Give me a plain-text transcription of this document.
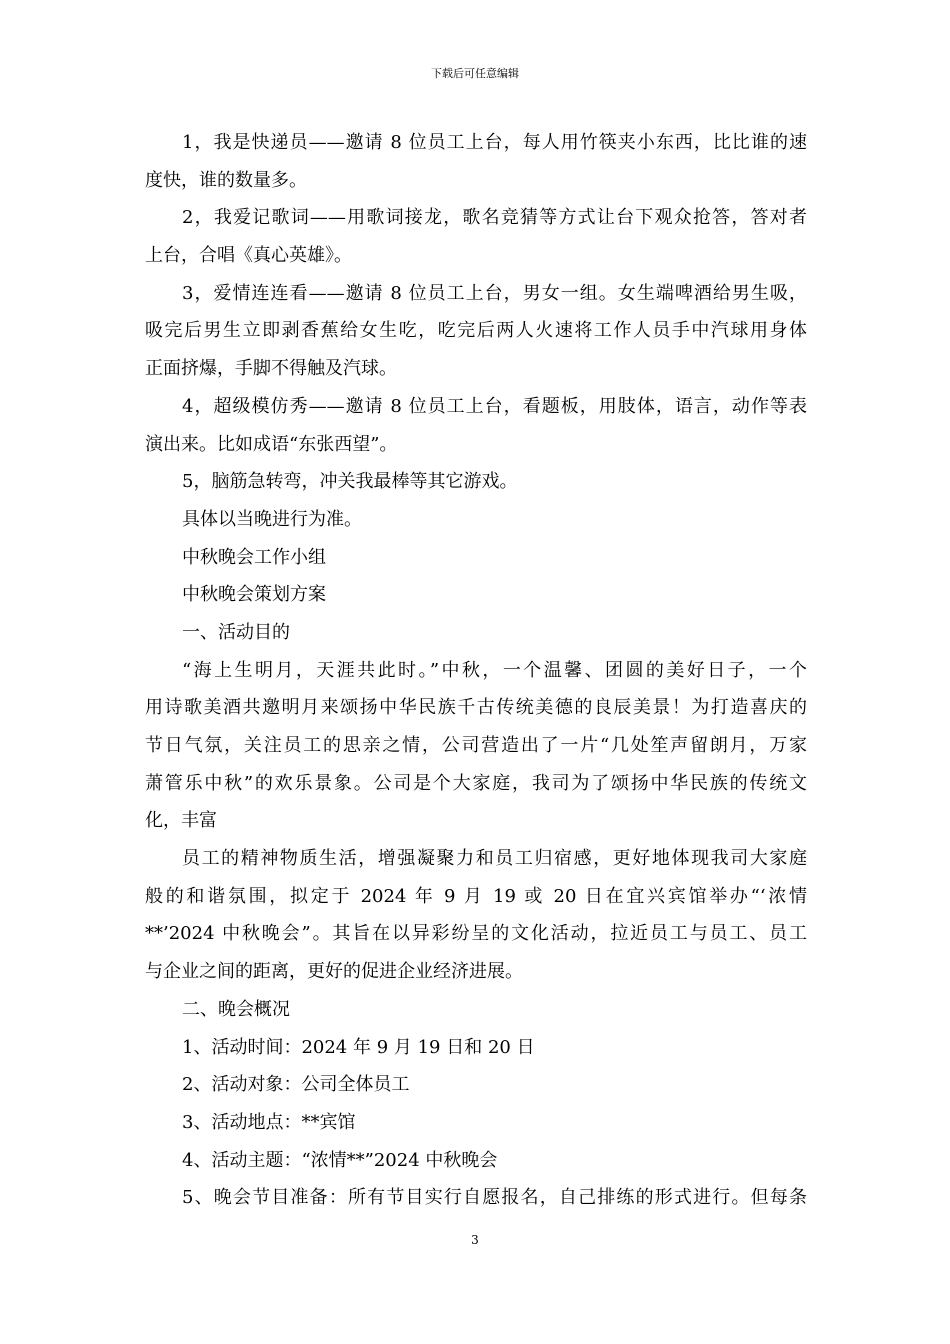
下载后可任意编辑
1，我是快递员——邀请 8 位员工上台，每人用竹筷夹小东西，比比谁的速
度快，谁的数量多。
2，我爱记歌词——用歌词接龙，歌名竞猜等方式让台下观众抢答，答对者
上台，合唱《真心英雄》。
3，爱情连连看——邀请 8 位员工上台，男女一组。女生端啤酒给男生吸，
吸完后男生立即剥香蕉给女生吃，吃完后两人火速将工作人员手中汽球用身体
正面挤爆，手脚不得触及汽球。
4，超级模仿秀——邀请 8 位员工上台，看题板，用肢体，语言，动作等表
演出来。比如成语“东张西望”。
5，脑筋急转弯，冲关我最棒等其它游戏。
具体以当晚进行为准。
中秋晚会工作小组
中秋晚会策划方案
一、活动目的
“海上生明月，天涯共此时。”中秋，一个温馨、团圆的美好日子，一个
用诗歌美酒共邀明月来颂扬中华民族千古传统美德的良辰美景！为打造喜庆的
节日气氛，关注员工的思亲之情，公司营造出了一片“几处笙声留朗月，万家
萧管乐中秋”的欢乐景象。公司是个大家庭，我司为了颂扬中华民族的传统文
化，丰富
员工的精神物质生活，增强凝聚力和员工归宿感，更好地体现我司大家庭
般的和谐氛围，拟定于 2024 年 9 月 19 或 20 日在宜兴宾馆举办“‘浓情
**’2024 中秋晚会”。其旨在以异彩纷呈的文化活动，拉近员工与员工、员工
与企业之间的距离，更好的促进企业经济进展。
二、晚会概况
1、活动时间：2024 年 9 月 19 日和 20 日
2、活动对象：公司全体员工
3、活动地点：**宾馆
4、活动主题：“浓情**”2024 中秋晚会
5、晚会节目准备：所有节目实行自愿报名，自己排练的形式进行。但每条
3
